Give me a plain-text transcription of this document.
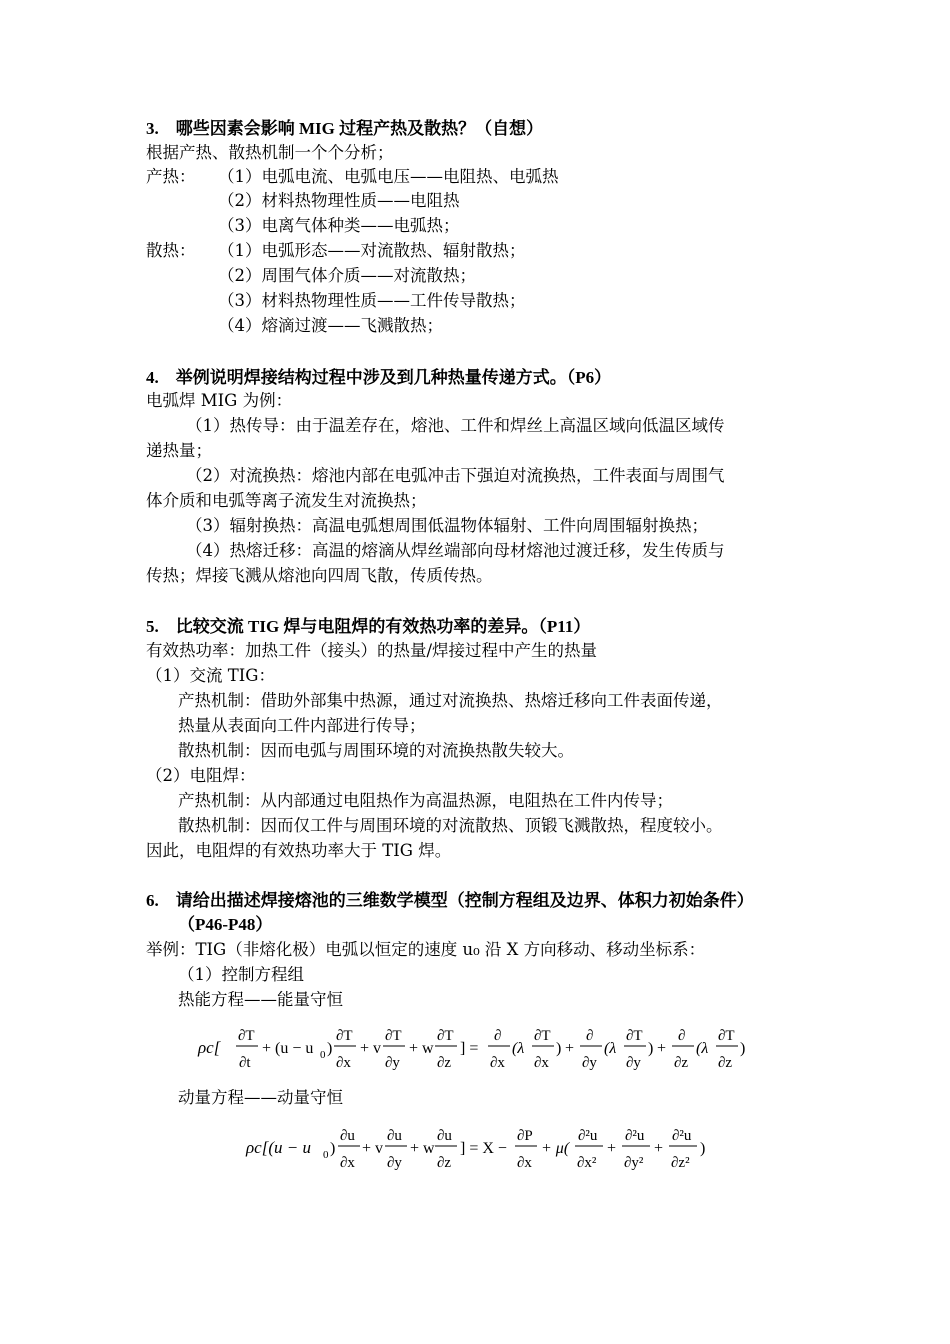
3.　哪些因素会影响 MIG 过程产热及散热？（自想）
根据产热、散热机制一个个分析；
产热： （1）电弧电流、电弧电压——电阻热、电弧热
（2）材料热物理性质——电阻热
（3）电离气体种类——电弧热；
散热： （1）电弧形态——对流散热、辐射散热；
（2）周围气体介质——对流散热；
（3）材料热物理性质——工件传导散热；
（4）熔滴过渡——飞溅散热；
4.　举例说明焊接结构过程中涉及到几种热量传递方式。（P6）
电弧焊 MIG 为例：
（1）热传导：由于温差存在，熔池、工件和焊丝上高温区域向低温区域传
递热量；
（2）对流换热：熔池内部在电弧冲击下强迫对流换热，工件表面与周围气
体介质和电弧等离子流发生对流换热；
（3）辐射换热：高温电弧想周围低温物体辐射、工件向周围辐射换热；
（4）热熔迁移：高温的熔滴从焊丝端部向母材熔池过渡迁移，发生传质与
传热；焊接飞溅从熔池向四周飞散，传质传热。
5.　比较交流 TIG 焊与电阻焊的有效热功率的差异。（P11）
有效热功率：加热工件（接头）的热量/焊接过程中产生的热量
（1）交流 TIG：
产热机制：借助外部集中热源，通过对流换热、热熔迁移向工件表面传递，
热量从表面向工件内部进行传导；
散热机制：因而电弧与周围环境的对流换热散失较大。
（2）电阻焊：
产热机制：从内部通过电阻热作为高温热源，电阻热在工件内传导；
散热机制：因而仅工件与周围环境的对流散热、顶锻飞溅散热，程度较小。
因此，电阻焊的有效热功率大于 TIG 焊。
6.　请给出描述焊接熔池的三维数学模型（控制方程组及边界、体积力初始条件）
（P46-P48）
举例：TIG（非熔化极）电弧以恒定的速度 u₀ 沿 X 方向移动、移动坐标系：
（1）控制方程组
热能方程——能量守恒
ρc[
∂T
∂t
+ (u − u 0 )
∂T
∂x
+ v
∂T
∂y
+ w
∂T
∂z
] =
∂
∂x
(λ
∂T
∂x
) +
∂
∂y
(λ
∂T
∂y
) +
∂
∂z
(λ
∂T
∂z
)
动量方程——动量守恒
ρc[(u − u 0 )
∂u
∂x
+ v
∂u
∂y
+ w
∂u
∂z
] = X −
∂P
∂x
+ μ(
∂²u
∂x²
+
∂²u
∂y²
+
∂²u
∂z²
)
